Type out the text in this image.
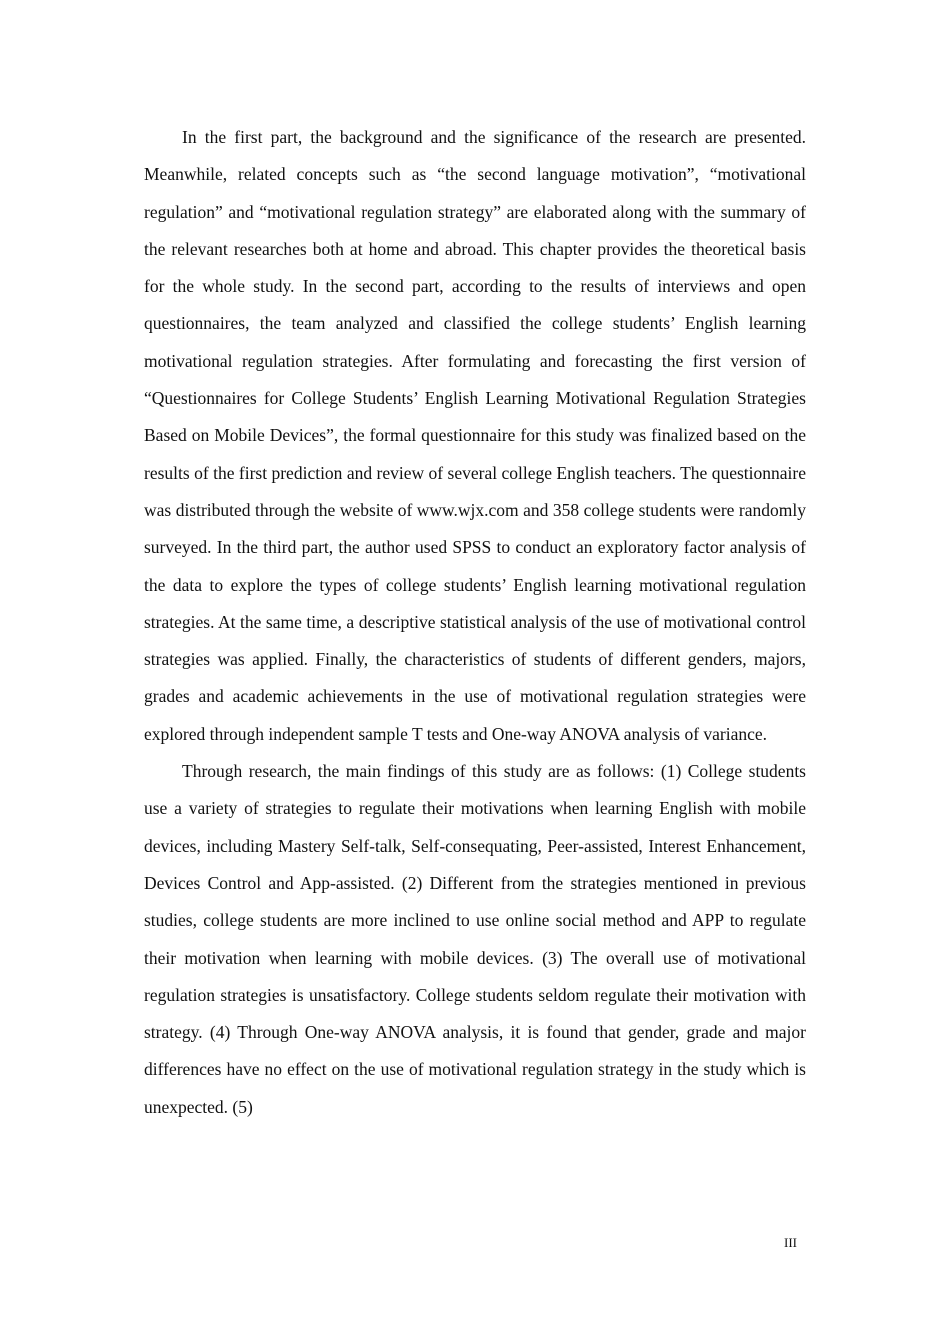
In the first part, the background and the significance of the research are presented. Meanwhile, related concepts such as “the second language motivation”, “motivational regulation” and “motivational regulation strategy” are elaborated along with the summary of the relevant researches both at home and abroad. This chapter provides the theoretical basis for the whole study. In the second part, according to the results of interviews and open questionnaires, the team analyzed and classified the college students’ English learning motivational regulation strategies. After formulating and forecasting the first version of “Questionnaires for College Students’ English Learning Motivational Regulation Strategies Based on Mobile Devices”, the formal questionnaire for this study was finalized based on the results of the first prediction and review of several college English teachers. The questionnaire was distributed through the website of www.wjx.com and 358 college students were randomly surveyed. In the third part, the author used SPSS to conduct an exploratory factor analysis of the data to explore the types of college students’ English learning motivational regulation strategies. At the same time, a descriptive statistical analysis of the use of motivational control strategies was applied. Finally, the characteristics of students of different genders, majors, grades and academic achievements in the use of motivational regulation strategies were explored through independent sample T tests and One-way ANOVA analysis of variance.

Through research, the main findings of this study are as follows: (1) College students use a variety of strategies to regulate their motivations when learning English with mobile devices, including Mastery Self-talk, Self-consequating, Peer-assisted, Interest Enhancement, Devices Control and App-assisted. (2) Different from the strategies mentioned in previous studies, college students are more inclined to use online social method and APP to regulate their motivation when learning with mobile devices. (3) The overall use of motivational regulation strategies is unsatisfactory. College students seldom regulate their motivation with strategy. (4) Through One-way ANOVA analysis, it is found that gender, grade and major differences have no effect on the use of motivational regulation strategy in the study which is unexpected. (5)

III
